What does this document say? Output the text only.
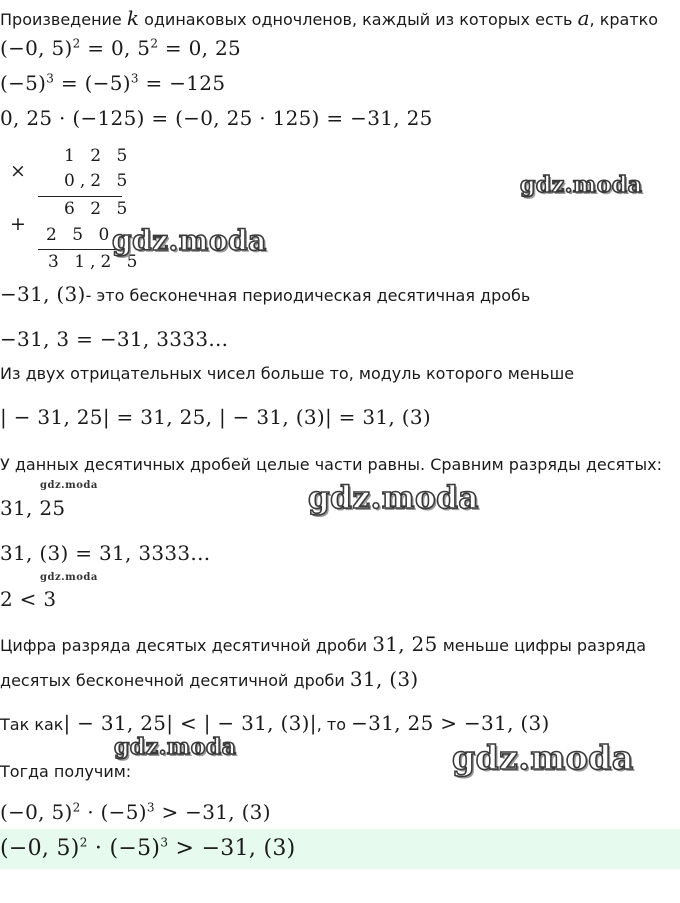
Произведение k одинаковых одночленов, каждый из которых есть a, кратко
(−0, 5)$^2$ = 0, $5^2 = 0$, 25
$(-5)^3 = (-5)^3 = -125$
0, 25 · (−125) = (−0, 25 · 125) = −31, 25
×
1 2 5
0,2 5
6 2 5
+ 2 5 0
3 1,2 5
−31, (3)- это бесконечная периодическая десятичная дробь
−31, 3 = −31, 3333...
Из двух отрицательных чисел больше то, модуль которого меньше
| − 31, 25| = 31, 25, | − 31, (3)| = 31, (3)
У данных десятичных дробей целые части равны. Сравним разряды десятых:
31, 25
31, (3) = 31, 3333...
2 < 3
Цифра разряда десятых десятичной дроби 31, 25 меньше цифры разряда
десятых бесконечной десятичной дроби 31, (3)
Так как| − 31, 25| < | − 31, (3)|, то −31, 25 > −31, (3)
Тогда получим:
(−0, $5)^2 \cdot (-5)^3 > -31$, (3)
(−0, $5)^2 \cdot (-5)^3 > -31$, (3)
gdz.moda
gdz.moda
gdz.moda	gdz.moda
gdz.moda
gdz.moda	gdz.moda
